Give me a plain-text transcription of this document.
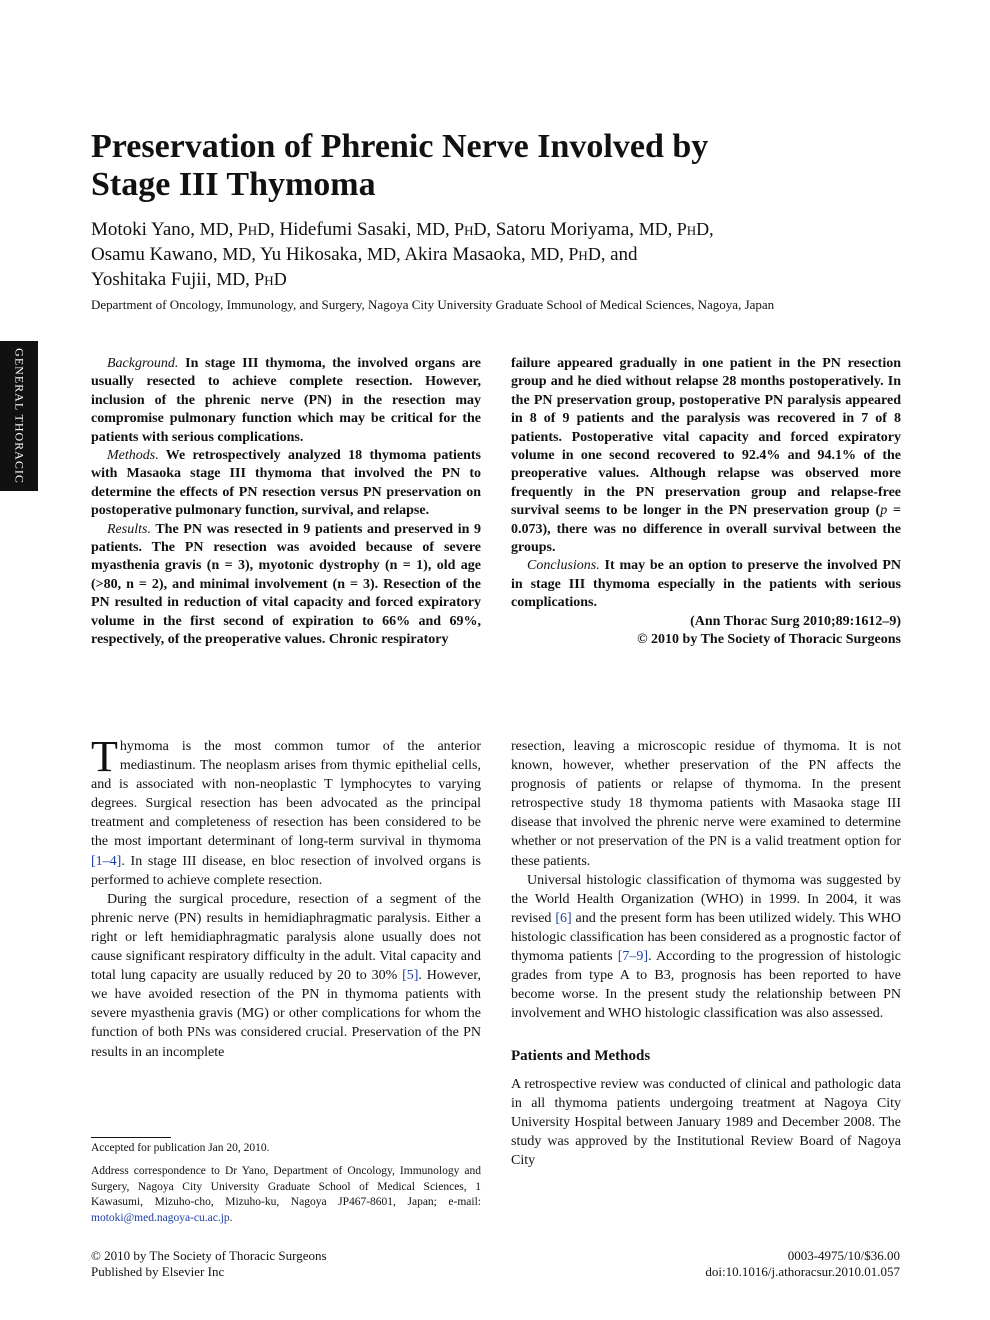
GENERAL THORACIC
Preservation of Phrenic Nerve Involved by
Stage III Thymoma
Motoki Yano, MD, PhD, Hidefumi Sasaki, MD, PhD, Satoru Moriyama, MD, PhD,
Osamu Kawano, MD, Yu Hikosaka, MD, Akira Masaoka, MD, PhD, and
Yoshitaka Fujii, MD, PhD
Department of Oncology, Immunology, and Surgery, Nagoya City University Graduate School of Medical Sciences, Nagoya, Japan

Background. In stage III thymoma, the involved organs are usually resected to achieve complete resection. However, inclusion of the phrenic nerve (PN) in the resection may compromise pulmonary function which may be critical for the patients with serious complications.

Methods. We retrospectively analyzed 18 thymoma patients with Masaoka stage III thymoma that involved the PN to determine the effects of PN resection versus PN preservation on postoperative pulmonary function, survival, and relapse.

Results. The PN was resected in 9 patients and preserved in 9 patients. The PN resection was avoided because of severe myasthenia gravis (n = 3), myotonic dystrophy (n = 1), old age (>80, n = 2), and minimal involvement (n = 3). Resection of the PN resulted in reduction of vital capacity and forced expiratory volume in the first second of expiration to 66% and 69%, respectively, of the preoperative values. Chronic respiratory

failure appeared gradually in one patient in the PN resection group and he died without relapse 28 months postoperatively. In the PN preservation group, postoperative PN paralysis appeared in 8 of 9 patients and the paralysis was recovered in 7 of 8 patients. Postoperative vital capacity and forced expiratory volume in one second recovered to 92.4% and 94.1% of the preoperative values. Although relapse was observed more frequently in the PN preservation group and relapse-free survival seems to be longer in the PN preservation group (p = 0.073), there was no difference in overall survival between the groups.

Conclusions. It may be an option to preserve the involved PN in stage III thymoma especially in the patients with serious complications.

(Ann Thorac Surg 2010;89:1612–9)
© 2010 by The Society of Thoracic Surgeons

Thymoma is the most common tumor of the anterior mediastinum. The neoplasm arises from thymic epithelial cells, and is associated with non-neoplastic T lymphocytes to varying degrees. Surgical resection has been advocated as the principal treatment and completeness of resection has been considered to be the most important determinant of long-term survival in thymoma [1–4]. In stage III disease, en bloc resection of involved organs is performed to achieve complete resection.

During the surgical procedure, resection of a segment of the phrenic nerve (PN) results in hemidiaphragmatic paralysis. Either a right or left hemidiaphragmatic paralysis alone usually does not cause significant respiratory difficulty in the adult. Vital capacity and total lung capacity are usually reduced by 20 to 30% [5]. However, we have avoided resection of the PN in thymoma patients with severe myasthenia gravis (MG) or other complications for whom the function of both PNs was considered crucial. Preservation of the PN results in an incomplete

resection, leaving a microscopic residue of thymoma. It is not known, however, whether preservation of the PN affects the prognosis of patients or relapse of thymoma. In the present retrospective study 18 thymoma patients with Masaoka stage III disease that involved the phrenic nerve were examined to determine whether or not preservation of the PN is a valid treatment option for these patients.

Universal histologic classification of thymoma was suggested by the World Health Organization (WHO) in 1999. In 2004, it was revised [6] and the present form has been utilized widely. This WHO histologic classification has been considered as a prognostic factor of thymoma patients [7–9]. According to the progression of histologic grades from type A to B3, prognosis has been reported to have become worse. In the present study the relationship between PN involvement and WHO histologic classification was also assessed.

Patients and Methods

A retrospective review was conducted of clinical and pathologic data in all thymoma patients undergoing treatment at Nagoya City University Hospital between January 1989 and December 2008. The study was approved by the Institutional Review Board of Nagoya City

Accepted for publication Jan 20, 2010.
Address correspondence to Dr Yano, Department of Oncology, Immunology and Surgery, Nagoya City University Graduate School of Medical Sciences, 1 Kawasumi, Mizuho-cho, Mizuho-ku, Nagoya JP467-8601, Japan; e-mail: motoki@med.nagoya-cu.ac.jp.
© 2010 by The Society of Thoracic Surgeons
Published by Elsevier Inc
0003-4975/10/$36.00
doi:10.1016/j.athoracsur.2010.01.057
